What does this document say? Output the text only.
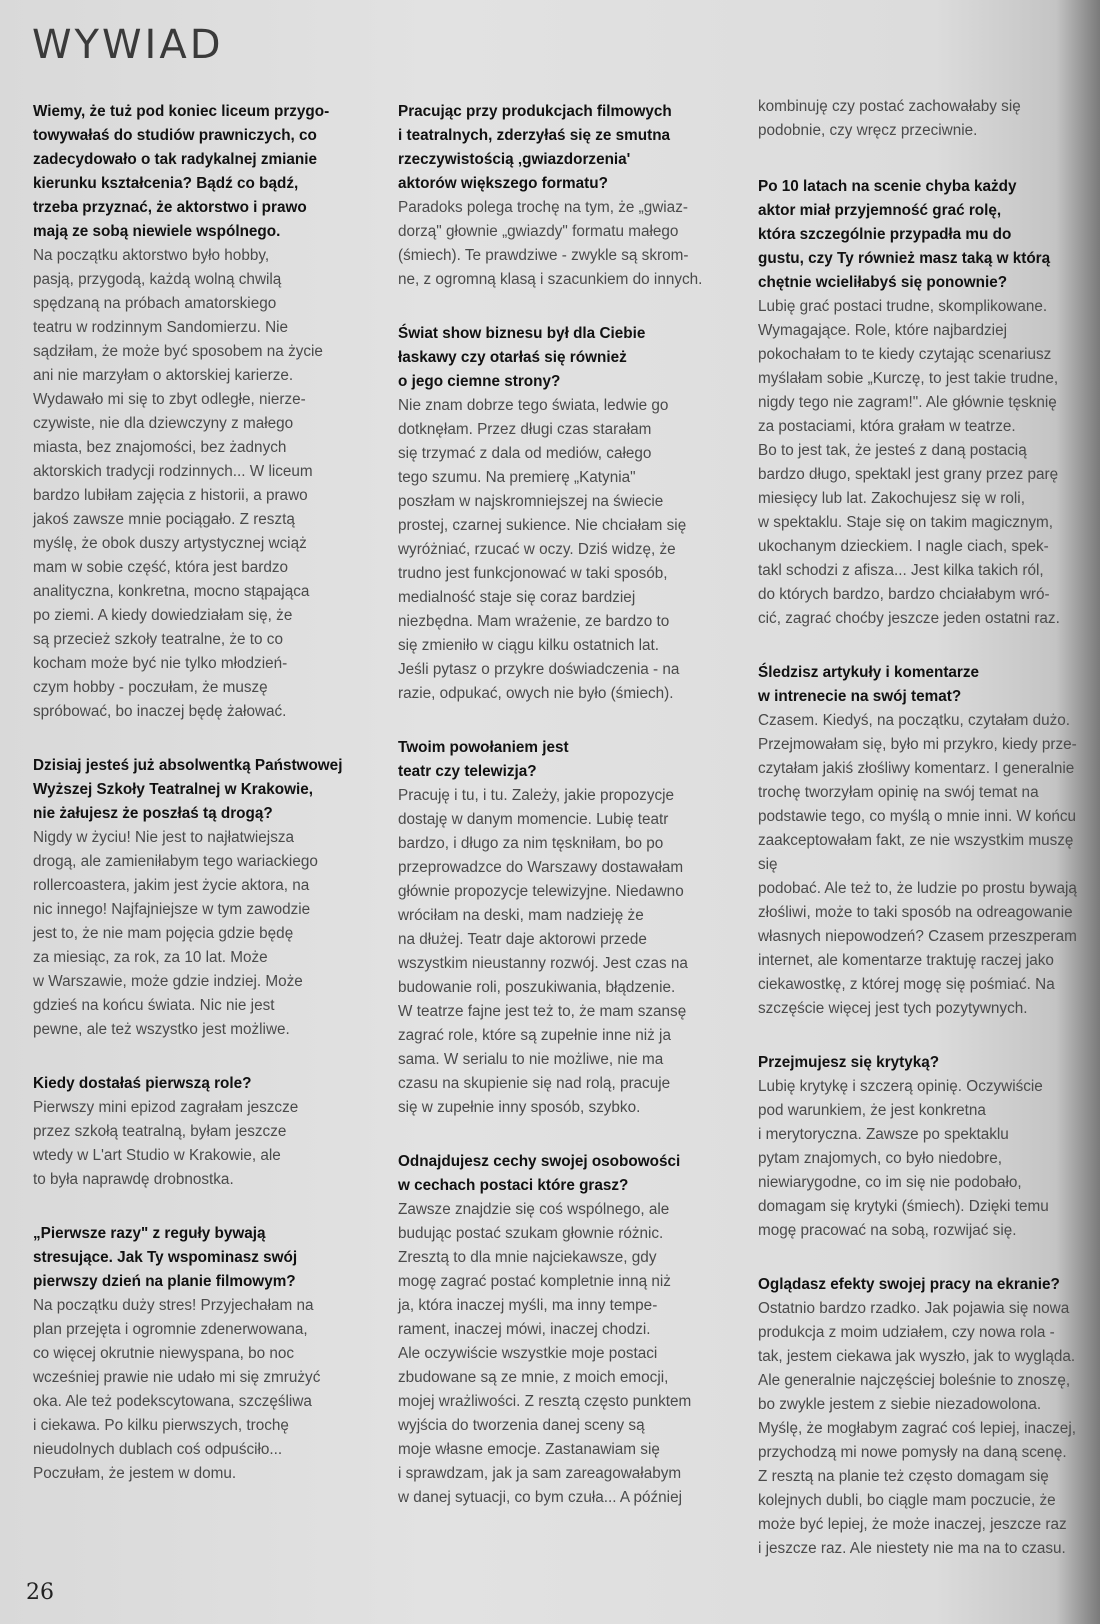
WYWIAD

Wiemy, że tuż pod koniec liceum przygo-
towywałaś do studiów prawniczych, co
zadecydowało o tak radykalnej zmianie
kierunku kształcenia? Bądź co bądź,
trzeba przyznać, że aktorstwo i prawo
mają ze sobą niewiele wspólnego.

Na początku aktorstwo było hobby,
pasją, przygodą, każdą wolną chwilą
spędzaną na próbach amatorskiego
teatru w rodzinnym Sandomierzu. Nie
sądziłam, że może być sposobem na życie
ani nie marzyłam o aktorskiej karierze.
Wydawało mi się to zbyt odległe, nierze-
czywiste, nie dla dziewczyny z małego
miasta, bez znajomości, bez żadnych
aktorskich tradycji rodzinnych... W liceum
bardzo lubiłam zajęcia z historii, a prawo
jakoś zawsze mnie pociągało. Z resztą
myślę, że obok duszy artystycznej wciąż
mam w sobie część, która jest bardzo
analityczna, konkretna, mocno stąpająca
po ziemi. A kiedy dowiedziałam się, że
są przecież szkoły teatralne, że to co
kocham może być nie tylko młodzień-
czym hobby - poczułam, że muszę
spróbować, bo inaczej będę żałować.

Dzisiaj jesteś już absolwentką Państwowej
Wyższej Szkoły Teatralnej w Krakowie,
nie żałujesz że poszłaś tą drogą?

Nigdy w życiu! Nie jest to najłatwiejsza
drogą, ale zamieniłabym tego wariackiego
rollercoastera, jakim jest życie aktora, na
nic innego! Najfajniejsze w tym zawodzie
jest to, że nie mam pojęcia gdzie będę
za miesiąc, za rok, za 10 lat. Może
w Warszawie, może gdzie indziej. Może
gdzieś na końcu świata. Nic nie jest
pewne, ale też wszystko jest możliwe.

Kiedy dostałaś pierwszą role?

Pierwszy mini epizod zagrałam jeszcze
przez szkołą teatralną, byłam jeszcze
wtedy w L'art Studio w Krakowie, ale
to była naprawdę drobnostka.

„Pierwsze razy" z reguły bywają
stresujące. Jak Ty wspominasz swój
pierwszy dzień na planie filmowym?

Na początku duży stres! Przyjechałam na
plan przejęta i ogromnie zdenerwowana,
co więcej okrutnie niewyspana, bo noc
wcześniej prawie nie udało mi się zmrużyć
oka. Ale też podekscytowana, szczęśliwa
i ciekawa. Po kilku pierwszych, trochę
nieudolnych dublach coś odpuściło...
Poczułam, że jestem w domu.

Pracując przy produkcjach filmowych
i teatralnych, zderzyłaś się ze smutna
rzeczywistością ‚gwiazdorzenia'
aktorów większego formatu?

Paradoks polega trochę na tym, że „gwiaz-
dorzą" głownie „gwiazdy" formatu małego
(śmiech). Te prawdziwe - zwykle są skrom-
ne, z ogromną klasą i szacunkiem do innych.

Świat show biznesu był dla Ciebie
łaskawy czy otarłaś się również
o jego ciemne strony?

Nie znam dobrze tego świata, ledwie go
dotknęłam. Przez długi czas starałam
się trzymać z dala od mediów, całego
tego szumu. Na premierę „Katynia"
poszłam w najskromniejszej na świecie
prostej, czarnej sukience. Nie chciałam się
wyróżniać, rzucać w oczy. Dziś widzę, że
trudno jest funkcjonować w taki sposób,
medialność staje się coraz bardziej
niezbędna. Mam wrażenie, ze bardzo to
się zmieniło w ciągu kilku ostatnich lat.
Jeśli pytasz o przykre doświadczenia - na
razie, odpukać, owych nie było (śmiech).

Twoim powołaniem jest
teatr czy telewizja?

Pracuję i tu, i tu. Zależy, jakie propozycje
dostaję w danym momencie. Lubię teatr
bardzo, i długo za nim tęskniłam, bo po
przeprowadzce do Warszawy dostawałam
głównie propozycje telewizyjne. Niedawno
wróciłam na deski, mam nadzieję że
na dłużej. Teatr daje aktorowi przede
wszystkim nieustanny rozwój. Jest czas na
budowanie roli, poszukiwania, błądzenie.
W teatrze fajne jest też to, że mam szansę
zagrać role, które są zupełnie inne niż ja
sama. W serialu to nie możliwe, nie ma
czasu na skupienie się nad rolą, pracuje
się w zupełnie inny sposób, szybko.

Odnajdujesz cechy swojej osobowości
w cechach postaci które grasz?

Zawsze znajdzie się coś wspólnego, ale
budując postać szukam głownie różnic.
Zresztą to dla mnie najciekawsze, gdy
mogę zagrać postać kompletnie inną niż
ja, która inaczej myśli, ma inny tempe-
rament, inaczej mówi, inaczej chodzi.
Ale oczywiście wszystkie moje postaci
zbudowane są ze mnie, z moich emocji,
mojej wrażliwości. Z resztą często punktem
wyjścia do tworzenia danej sceny są
moje własne emocje. Zastanawiam się
i sprawdzam, jak ja sam zareagowałabym
w danej sytuacji, co bym czuła... A później

kombinuję czy postać zachowałaby się
podobnie, czy wręcz przeciwnie.

Po 10 latach na scenie chyba każdy
aktor miał przyjemność grać rolę,
która szczególnie przypadła mu do
gustu, czy Ty również masz taką w którą
chętnie wcieliłabyś się ponownie?

Lubię grać postaci trudne, skomplikowane.
Wymagające. Role, które najbardziej
pokochałam to te kiedy czytając scenariusz
myślałam sobie „Kurczę, to jest takie trudne,
nigdy tego nie zagram!". Ale głównie tęsknię
za postaciami, która grałam w teatrze.
Bo to jest tak, że jesteś z daną postacią
bardzo długo, spektakl jest grany przez parę
miesięcy lub lat. Zakochujesz się w roli,
w spektaklu. Staje się on takim magicznym,
ukochanym dzieckiem. I nagle ciach, spek-
takl schodzi z afisza... Jest kilka takich ról,
do których bardzo, bardzo chciałabym wró-
cić, zagrać choćby jeszcze jeden ostatni raz.

Śledzisz artykuły i komentarze
w intrenecie na swój temat?

Czasem. Kiedyś, na początku, czytałam dużo.
Przejmowałam się, było mi przykro, kiedy prze-
czytałam jakiś złośliwy komentarz. I generalnie
trochę tworzyłam opinię na swój temat na
podstawie tego, co myślą o mnie inni. W końcu
zaakceptowałam fakt, ze nie wszystkim muszę się
podobać. Ale też to, że ludzie po prostu bywają
złośliwi, może to taki sposób na odreagowanie
własnych niepowodzeń? Czasem przeszperam
internet, ale komentarze traktuję raczej jako
ciekawostkę, z której mogę się pośmiać. Na
szczęście więcej jest tych pozytywnych.

Przejmujesz się krytyką?

Lubię krytykę i szczerą opinię. Oczywiście
pod warunkiem, że jest konkretna
i merytoryczna. Zawsze po spektaklu
pytam znajomych, co było niedobre,
niewiarygodne, co im się nie podobało,
domagam się krytyki (śmiech). Dzięki temu
mogę pracować na sobą, rozwijać się.

Oglądasz efekty swojej pracy na ekranie?

Ostatnio bardzo rzadko. Jak pojawia się nowa
produkcja z moim udziałem, czy nowa rola -
tak, jestem ciekawa jak wyszło, jak to wygląda.
Ale generalnie najczęściej boleśnie to znoszę,
bo zwykle jestem z siebie niezadowolona.
Myślę, że mogłabym zagrać coś lepiej, inaczej,
przychodzą mi nowe pomysły na daną scenę.
Z resztą na planie też często domagam się
kolejnych dubli, bo ciągle mam poczucie, że
może być lepiej, że może inaczej, jeszcze raz
i jeszcze raz. Ale niestety nie ma na to czasu.

26
